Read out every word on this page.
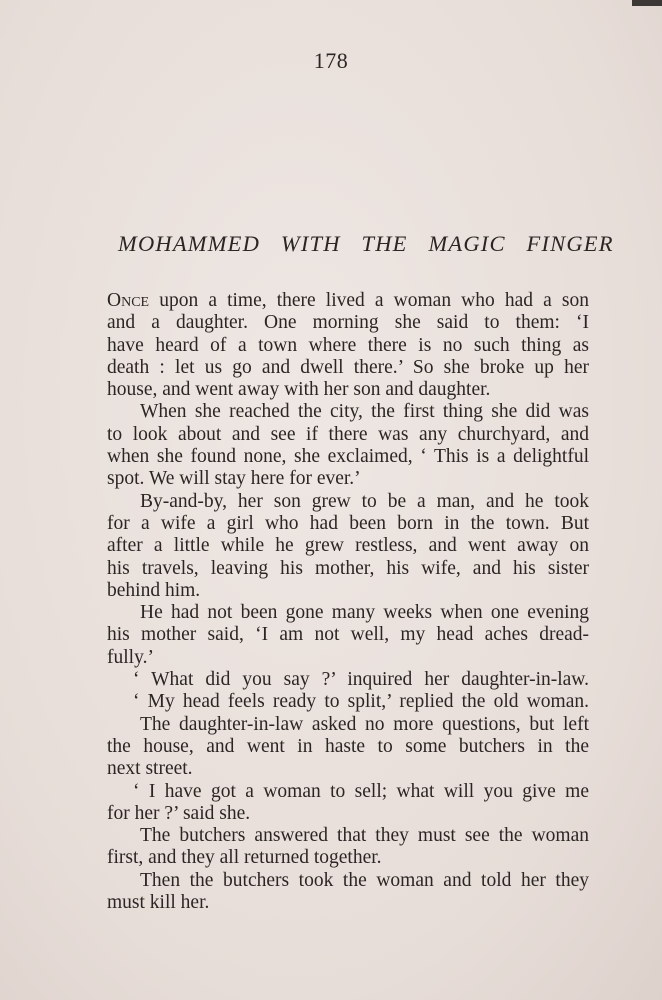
178
MOHAMMED WITH THE MAGIC FINGER
Once upon a time, there lived a woman who had a son
and a daughter. One morning she said to them: ‘I
have heard of a town where there is no such thing as
death : let us go and dwell there.’ So she broke up her
house, and went away with her son and daughter.
When she reached the city, the first thing she did was
to look about and see if there was any churchyard, and
when she found none, she exclaimed, ‘ This is a delightful
spot. We will stay here for ever.’
By-and-by, her son grew to be a man, and he took
for a wife a girl who had been born in the town. But
after a little while he grew restless, and went away on
his travels, leaving his mother, his wife, and his sister
behind him.
He had not been gone many weeks when one evening
his mother said, ‘I am not well, my head aches dread-
fully.’
‘ What did you say ?’ inquired her daughter-in-law.
‘ My head feels ready to split,’ replied the old woman.
The daughter-in-law asked no more questions, but left
the house, and went in haste to some butchers in the
next street.
‘ I have got a woman to sell; what will you give me
for her ?’ said she.
The butchers answered that they must see the woman
first, and they all returned together.
Then the butchers took the woman and told her they
must kill her.
